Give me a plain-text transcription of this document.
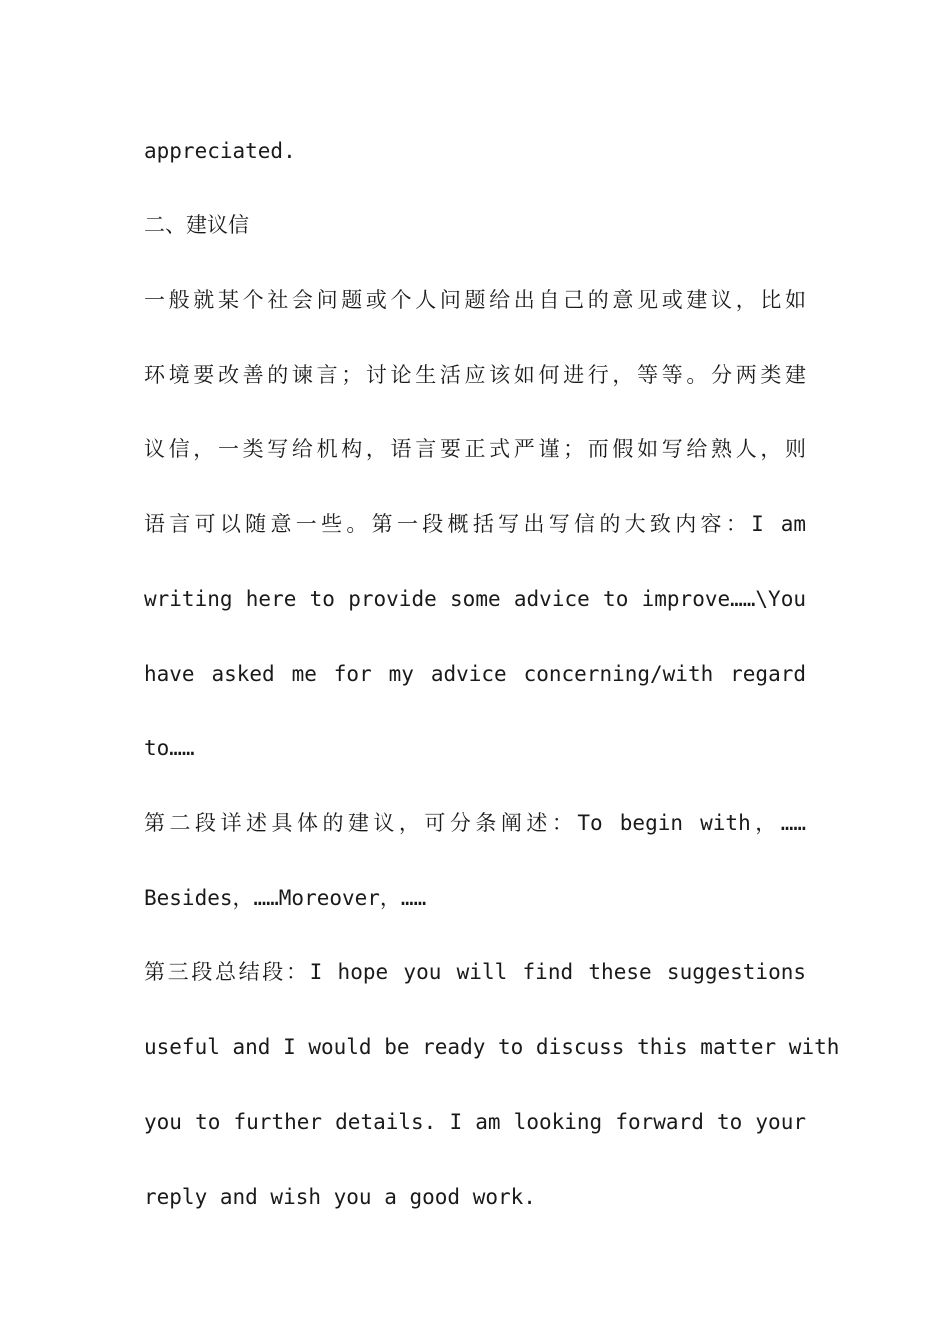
appreciated.
二、建议信
一般就某个社会问题或个人问题给出自己的意见或建议，比如
环境要改善的谏言；讨论生活应该如何进行，等等。分两类建
议信，一类写给机构，语言要正式严谨；而假如写给熟人，则
语言可以随意一些。第一段概括写出写信的大致内容：I am
writing here to provide some advice to improve……\You
have asked me for my advice concerning/with regard
to……
第二段详述具体的建议，可分条阐述：To begin with，……
Besides，……Moreover，……
第三段总结段：I hope you will find these suggestions
useful and I would be ready to discuss this matter with
you to further details. I am looking forward to your
reply and wish you a good work.
